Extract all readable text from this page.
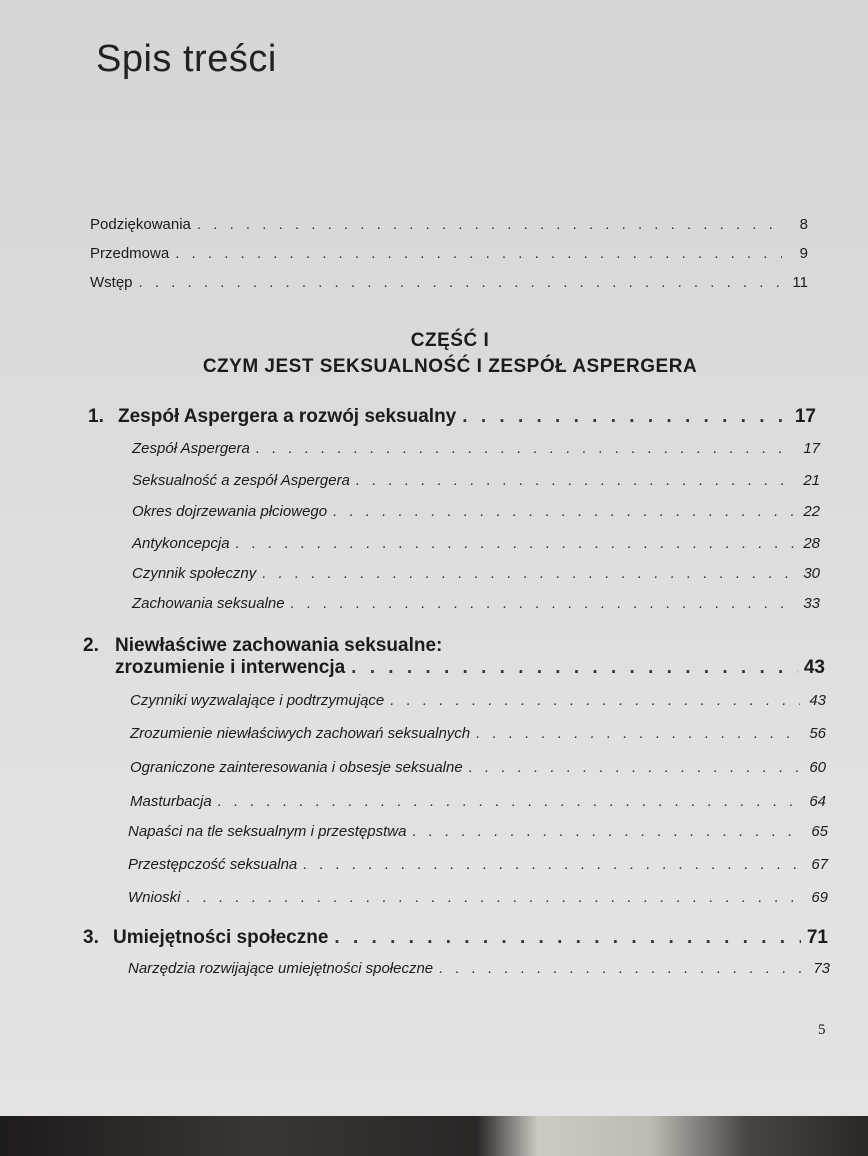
Spis treści
Podziękowania . . .	8
Przedmowa . . .	9
Wstęp . . .	11
CZĘŚĆ I
CZYM JEST SEKSUALNOŚĆ I ZESPÓŁ ASPERGERA
1. Zespół Aspergera a rozwój seksualny . . .	17
Zespół Aspergera . . .	17
Seksualność a zespół Aspergera . . .	21
Okres dojrzewania płciowego . . .	22
Antykoncepcja . . .	28
Czynnik społeczny . . .	30
Zachowania seksualne . . .	33
2. Niewłaściwe zachowania seksualne:
zrozumienie i interwencja . . .	43
Czynniki wyzwalające i podtrzymujące . . .	43
Zrozumienie niewłaściwych zachowań seksualnych . . .	56
Ograniczone zainteresowania i obsesje seksualne . . .	60
Masturbacja . . .	64
Napaści na tle seksualnym i przestępstwa . . .	65
Przestępczość seksualna . . .	67
Wnioski . . .	69
3. Umiejętności społeczne . . .	71
Narzędzia rozwijające umiejętności społeczne . . .	73
5
